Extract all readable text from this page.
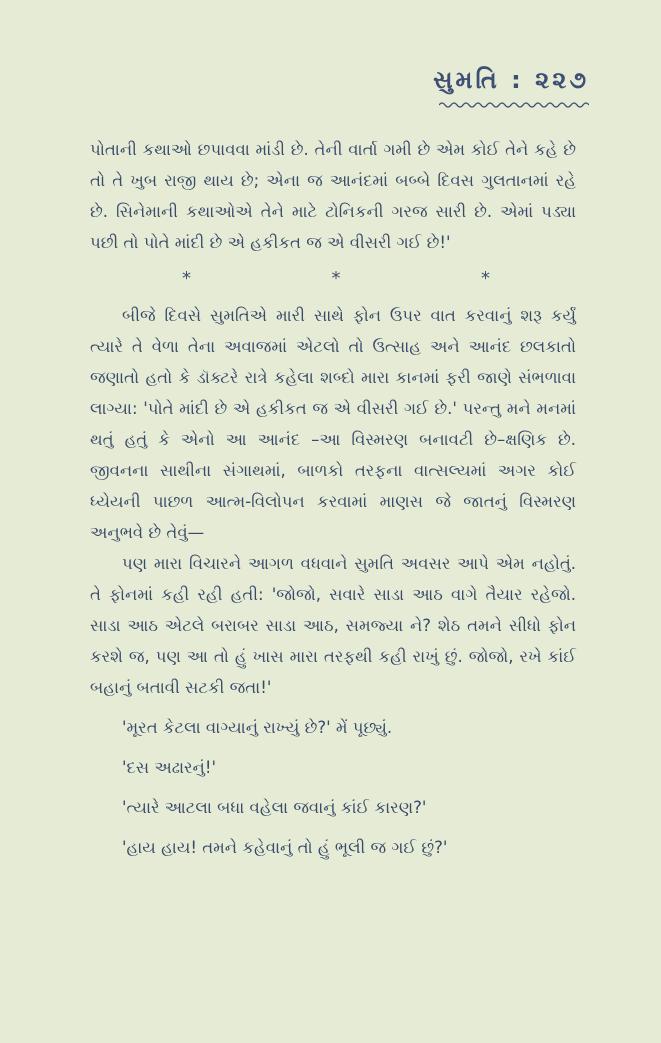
સુમતિ : ૨૨૭

પોતાની કથાઓ છપાવવા માંડી છે. તેની વાર્તા ગમી છે એમ કોઈ તેને કહે છે તો તે ખુબ રાજી થાય છે; એના જ આનંદમાં બબ્બે દિવસ ગુલતાનમાં રહે છે. સિનેમાની કથાઓએ તેને માટે ટોનિકની ગરજ સારી છે. એમાં પડ્યા પછી તો પોતે માંદી છે એ હકીકત જ એ વીસરી ગઈ છે!'

*	*	*

બીજે દિવસે સુમતિએ મારી સાથે ફોન ઉપર વાત કરવાનું શરૂ કર્યું ત્યારે તે વેળા તેના અવાજમાં એટલો તો ઉત્સાહ અને આનંદ છલકાતો જણાતો હતો કે ડૉક્ટરે રાત્રે કહેલા શબ્દો મારા કાનમાં ફરી જાણે સંભળાવા લાગ્યા: 'પોતે માંદી છે એ હકીકત જ એ વીસરી ગઈ છે.' પરન્તુ મને મનમાં થતું હતું કે એનો આ આનંદ –આ વિસ્મરણ બનાવટી છે–ક્ષણિક છે. જીવનના સાથીના સંગાથમાં, બાળકો તરફના વાત્સલ્યમાં અગર કોઈ ધ્યેયની પાછળ આત્મ-વિલોપન કરવામાં માણસ જે જાતનું વિસ્મરણ અનુભવે છે તેવું—

પણ મારા વિચારને આગળ વધવાને સુમતિ અવસર આપે એમ નહોતું. તે ફોનમાં કહી રહી હતી: 'જોજો, સવારે સાડા આઠ વાગે તૈયાર રહેજો. સાડા આઠ એટલે બરાબર સાડા આઠ, સમજ્યા ને? શેઠ તમને સીધો ફોન કરશે જ, પણ આ તો હું ખાસ મારા તરફથી કહી રાખું છું. જોજો, રખે કાંઈ બહાનું બતાવી સટકી જતા!'

'મૂરત કેટલા વાગ્યાનું રાખ્યું છે?' મેં પૂછ્યું.

'દસ અઢારનું!'

'ત્યારે આટલા બધા વહેલા જવાનું કાંઈ કારણ?'

'હાય હાય! તમને કહેવાનું તો હું ભૂલી જ ગઈ છું?'
